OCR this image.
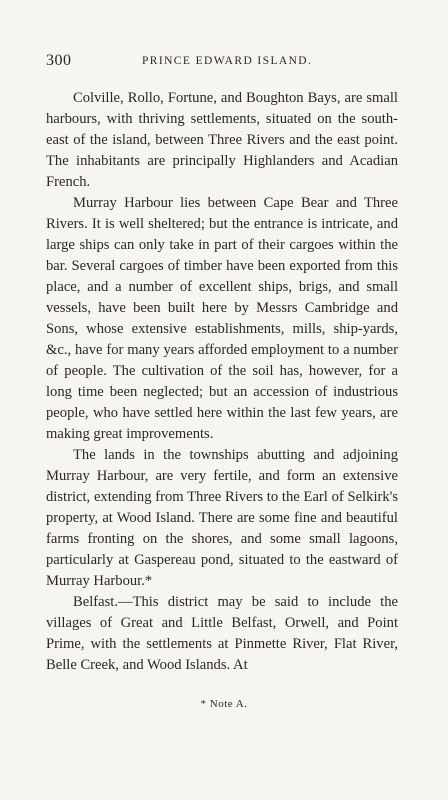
300	PRINCE EDWARD ISLAND.

Colville, Rollo, Fortune, and Boughton Bays, are small harbours, with thriving settlements, situated on the south-east of the island, between Three Rivers and the east point. The inhabitants are principally Highlanders and Acadian French.

Murray Harbour lies between Cape Bear and Three Rivers. It is well sheltered; but the entrance is intricate, and large ships can only take in part of their cargoes within the bar. Several cargoes of timber have been exported from this place, and a number of excellent ships, brigs, and small vessels, have been built here by Messrs Cambridge and Sons, whose extensive establishments, mills, ship-yards, &c., have for many years afforded employment to a number of people. The cultivation of the soil has, however, for a long time been neglected; but an accession of industrious people, who have settled here within the last few years, are making great improvements.

The lands in the townships abutting and adjoining Murray Harbour, are very fertile, and form an extensive district, extending from Three Rivers to the Earl of Selkirk's property, at Wood Island. There are some fine and beautiful farms fronting on the shores, and some small lagoons, particularly at Gaspereau pond, situated to the eastward of Murray Harbour.*

Belfast.—This district may be said to include the villages of Great and Little Belfast, Orwell, and Point Prime, with the settlements at Pinmette River, Flat River, Belle Creek, and Wood Islands. At

* Note A.
